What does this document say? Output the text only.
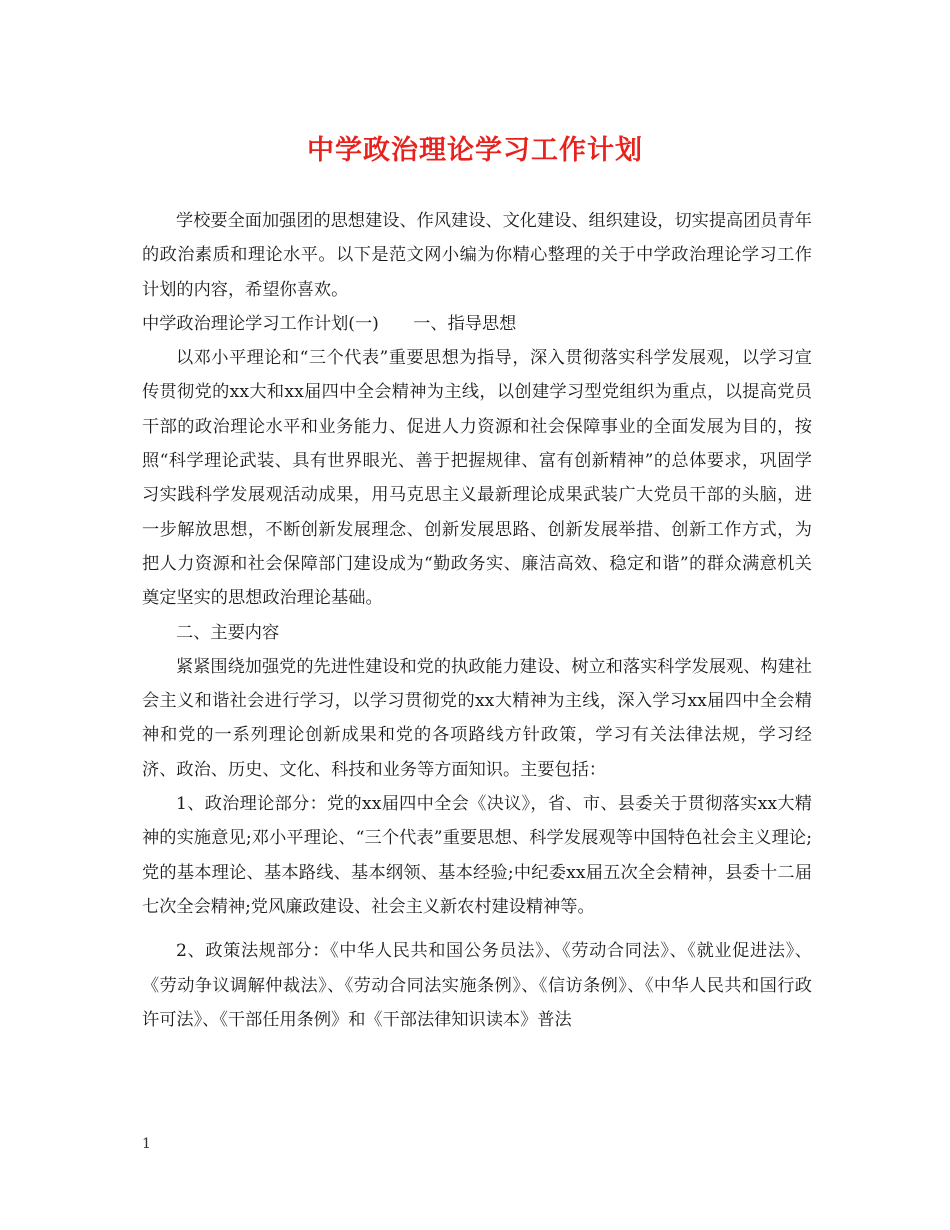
中学政治理论学习工作计划

学校要全面加强团的思想建设、作风建设、文化建设、组织建设，切实提高团员青年的政治素质和理论水平。以下是范文网小编为你精心整理的关于中学政治理论学习工作计划的内容，希望你喜欢。

中学政治理论学习工作计划(一)　　一、指导思想

以邓小平理论和“三个代表”重要思想为指导，深入贯彻落实科学发展观，以学习宣传贯彻党的xx大和xx届四中全会精神为主线，以创建学习型党组织为重点，以提高党员干部的政治理论水平和业务能力、促进人力资源和社会保障事业的全面发展为目的，按照“科学理论武装、具有世界眼光、善于把握规律、富有创新精神”的总体要求，巩固学习实践科学发展观活动成果，用马克思主义最新理论成果武装广大党员干部的头脑，进一步解放思想，不断创新发展理念、创新发展思路、创新发展举措、创新工作方式，为把人力资源和社会保障部门建设成为“勤政务实、廉洁高效、稳定和谐”的群众满意机关奠定坚实的思想政治理论基础。

二、主要内容

紧紧围绕加强党的先进性建设和党的执政能力建设、树立和落实科学发展观、构建社会主义和谐社会进行学习，以学习贯彻党的xx大精神为主线，深入学习xx届四中全会精神和党的一系列理论创新成果和党的各项路线方针政策，学习有关法律法规，学习经济、政治、历史、文化、科技和业务等方面知识。主要包括：

1、政治理论部分：党的xx届四中全会《决议》，省、市、县委关于贯彻落实xx大精神的实施意见;邓小平理论、“三个代表”重要思想、科学发展观等中国特色社会主义理论;党的基本理论、基本路线、基本纲领、基本经验;中纪委xx届五次全会精神，县委十二届七次全会精神;党风廉政建设、社会主义新农村建设精神等。

2、政策法规部分：《中华人民共和国公务员法》、《劳动合同法》、《就业促进法》、《劳动争议调解仲裁法》、《劳动合同法实施条例》、《信访条例》、《中华人民共和国行政许可法》、《干部任用条例》和《干部法律知识读本》普法

1
